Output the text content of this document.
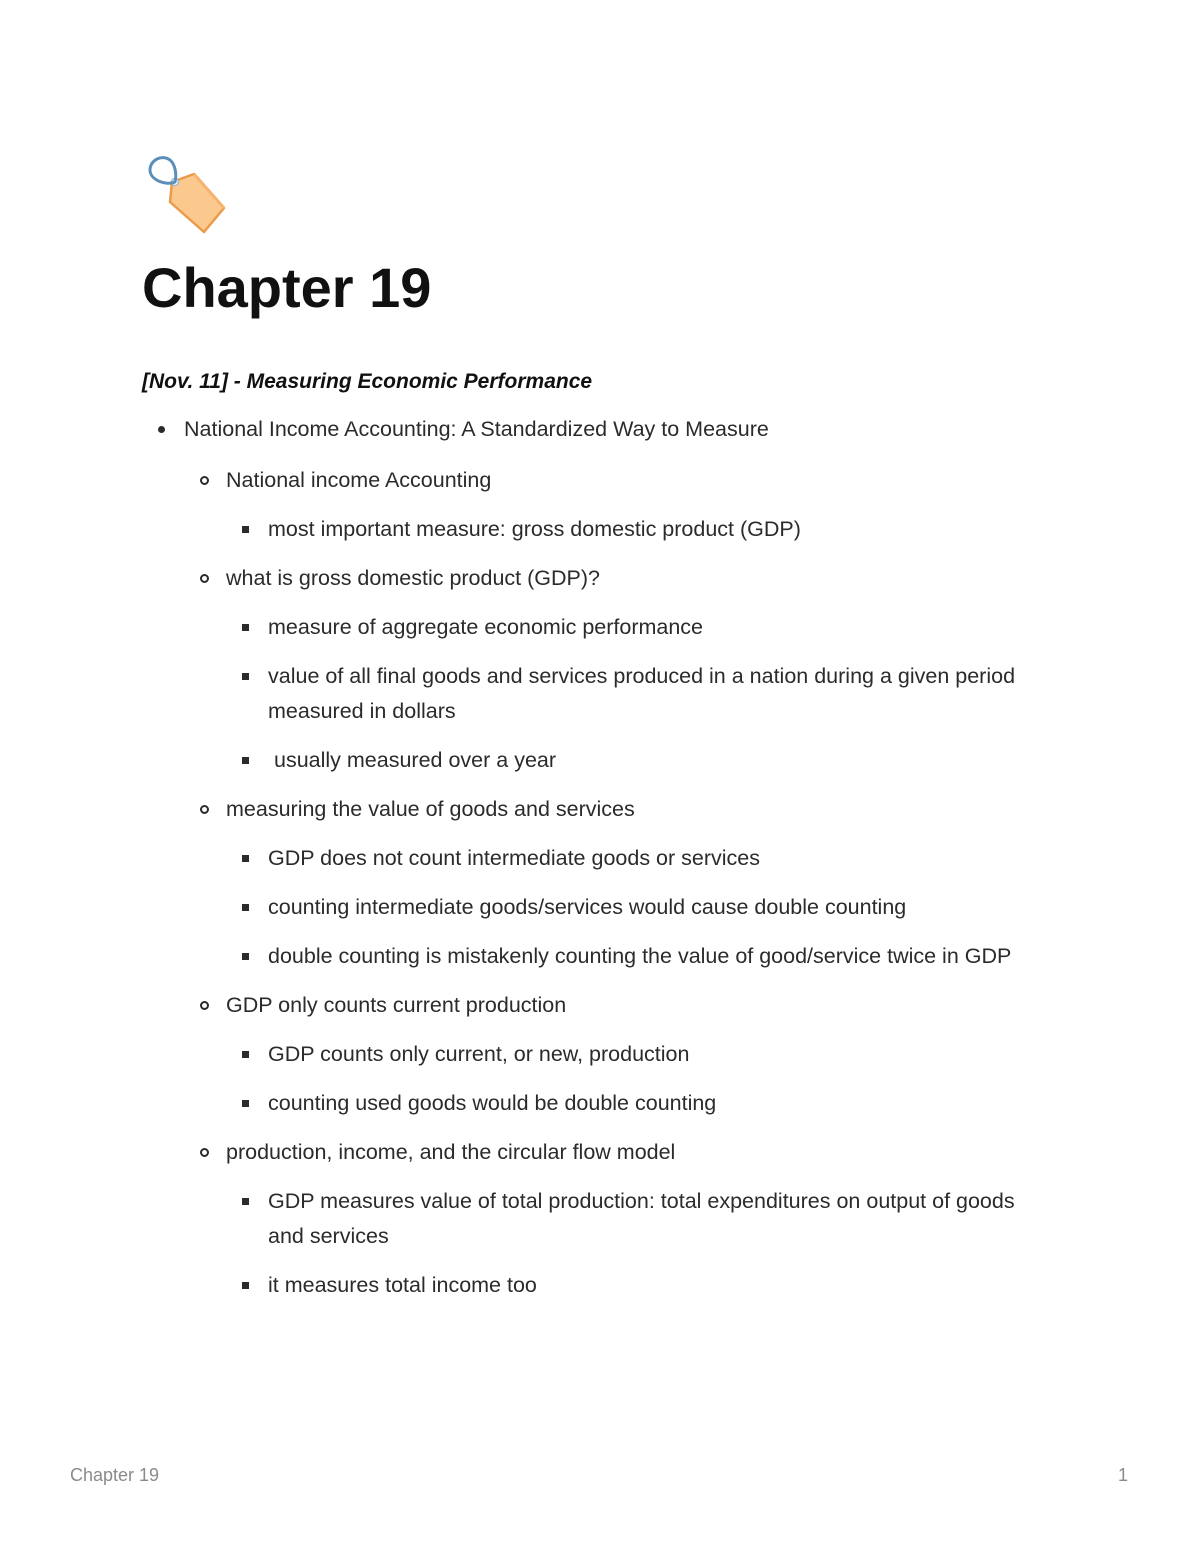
Chapter 19
[Nov. 11] - Measuring Economic Performance
National Income Accounting: A Standardized Way to Measure
National income Accounting
most important measure: gross domestic product (GDP)
what is gross domestic product (GDP)?
measure of aggregate economic performance
value of all final goods and services produced in a nation during a given period measured in dollars
usually measured over a year
measuring the value of goods and services
GDP does not count intermediate goods or services
counting intermediate goods/services would cause double counting
double counting is mistakenly counting the value of good/service twice in GDP
GDP only counts current production
GDP counts only current, or new, production
counting used goods would be double counting
production, income, and the circular flow model
GDP measures value of total production: total expenditures on output of goods and services
it measures total income too
Chapter 19	1
